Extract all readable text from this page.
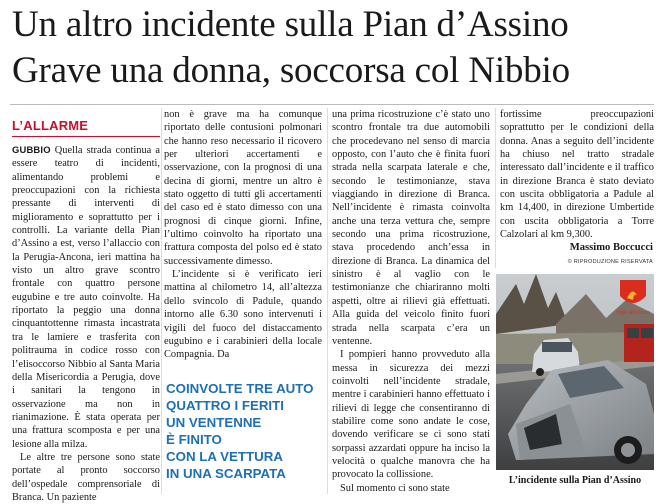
Un altro incidente sulla Pian d’Assino
Grave una donna, soccorsa col Nibbio
L’ALLARME

GUBBIO Quella strada continua a essere teatro di incidenti, alimentando problemi e preoccupazioni con la richiesta pressante di interventi di miglioramento e soprattutto per i controlli. La variante della Pian d’Assino a est, verso l’allaccio con la Perugia-Ancona, ieri mattina ha visto un altro grave scontro frontale con quattro persone eugubine e tre auto coinvolte. Ha riportato la peggio una donna cinquantottenne rimasta incastrata tra le lamiere e trasferita con politrauma in codice rosso con l’elisoccorso Nibbio al Santa Maria della Misericordia a Perugia, dove i sanitari la tengono in osservazione ma non in rianimazione. È stata operata per una frattura scomposta e per una lesione alla milza.

Le altre tre persone sono state portate al pronto soccorso dell’ospedale comprensoriale di Branca. Un paziente

non è grave ma ha comunque riportato delle contusioni polmonari che hanno reso necessario il ricovero per ulteriori accertamenti e osservazione, con la prognosi di una decina di giorni, mentre un altro è stato oggetto di tutti gli accertamenti del caso ed è stato dimesso con una prognosi di cinque giorni. Infine, l’ultimo coinvolto ha riportato una frattura composta del polso ed è stato successivamente dimesso.

L’incidente si è verificato ieri mattina al chilometro 14, all’altezza dello svincolo di Padule, quando intorno alle 6.30 sono intervenuti i vigili del fuoco del distaccamento eugubino e i carabinieri della locale Compagnia. Da

COINVOLTE TRE AUTO
QUATTRO I FERITI
UN VENTENNE
È FINITO
CON LA VETTURA
IN UNA SCARPATA

una prima ricostruzione c’è stato uno scontro frontale tra due automobili che procedevano nel senso di marcia opposto, con l’auto che è finita fuori strada nella scarpata laterale e che, secondo le testimonianze, stava viaggiando in direzione di Branca. Nell’incidente è rimasta coinvolta anche una terza vettura che, sempre secondo una prima ricostruzione, stava procedendo anch’essa in direzione di Branca. La dinamica del sinistro è al vaglio con le testimonianze che chiariranno molti aspetti, oltre ai rilievi già effettuati. Alla guida del veicolo finito fuori strada nella scarpata c’era un ventenne.

I pompieri hanno provveduto alla messa in sicurezza dei mezzi coinvolti nell’incidente stradale, mentre i carabinieri hanno effettuato i rilievi di legge che consentiranno di stabilire come sono andate le cose, dovendo verificare se ci sono stati sorpassi azzardati oppure ha inciso la velocità o qualche manovra che ha provocato la collissione.

Sul momento ci sono state

fortissime preoccupazioni soprattutto per le condizioni della donna. Anas a seguito dell’incidente ha chiuso nel tratto stradale interessato dall’incidente e il traffico in direzione Branca è stato deviato con uscita obbligatoria a Padule al km 14,400, in direzione Umbertide con uscita obbligatoria a Torre Calzolari al km 9,300.

Massimo Boccucci
© RIPRODUZIONE RISERVATA
Vigili del Fuoco
L’incidente sulla Pian d’Assino
